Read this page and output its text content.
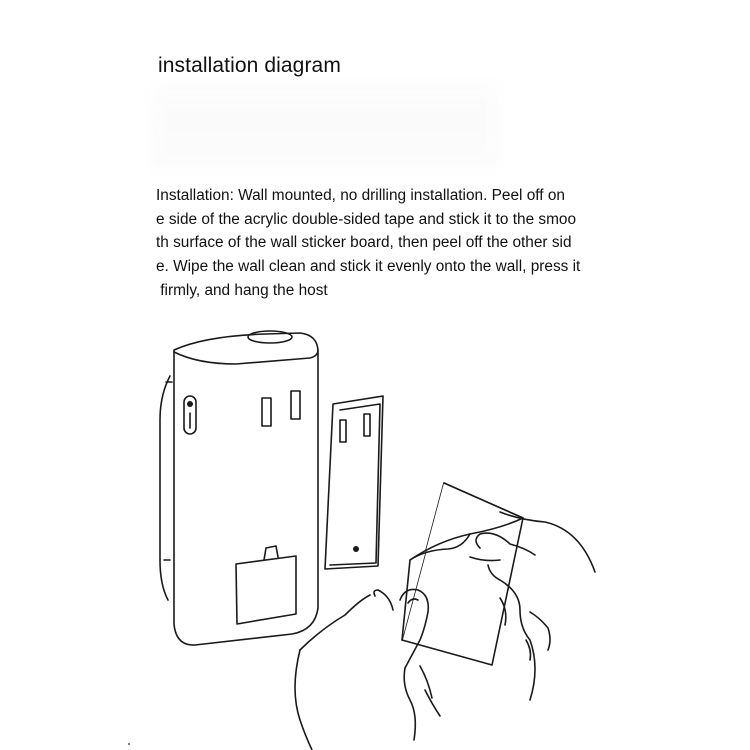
installation diagram
Installation: Wall mounted, no drilling installation. Peel off on
e side of the acrylic double-sided tape and stick it to the smoo
th surface of the wall sticker board, then peel off the other sid
e. Wipe the wall clean and stick it evenly onto the wall, press it
firmly, and hang the host
